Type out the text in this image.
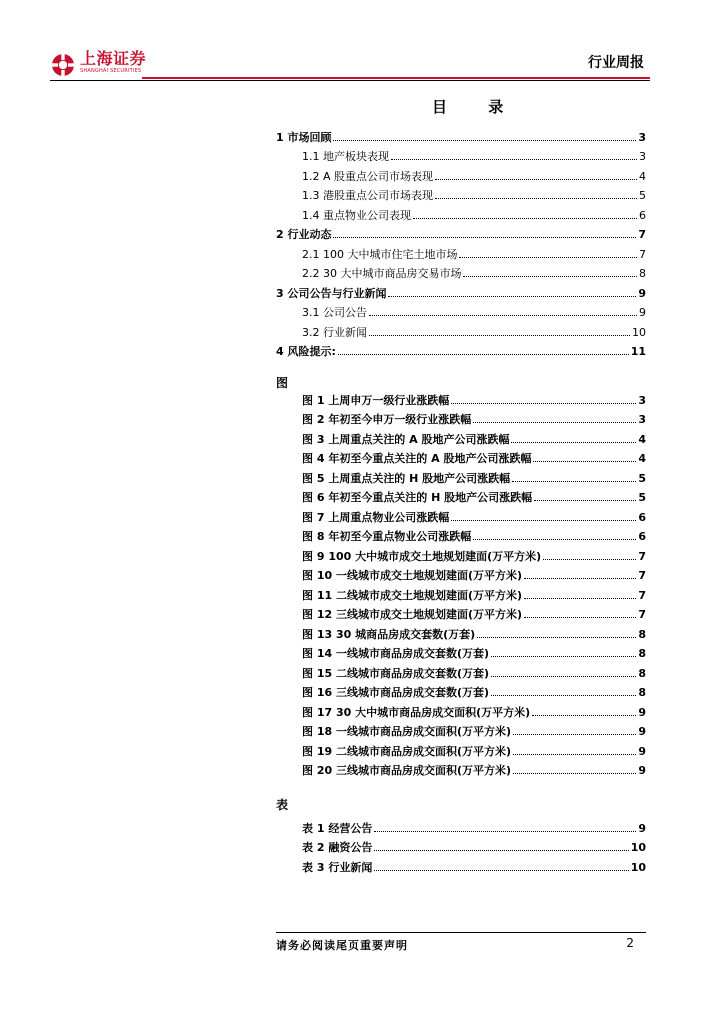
上海证券
SHANGHAI SECURITIES	行业周报
目 录
1 市场回顾	3
1.1 地产板块表现	3
1.2 A 股重点公司市场表现	4
1.3 港股重点公司市场表现	5
1.4 重点物业公司表现	6
2 行业动态	7
2.1 100 大中城市住宅土地市场	7
2.2 30 大中城市商品房交易市场	8
3 公司公告与行业新闻	9
3.1 公司公告	9
3.2 行业新闻	10
4 风险提示:	11
图
图 1 上周申万一级行业涨跌幅	3
图 2 年初至今申万一级行业涨跌幅	3
图 3 上周重点关注的 A 股地产公司涨跌幅	4
图 4 年初至今重点关注的 A 股地产公司涨跌幅	4
图 5 上周重点关注的 H 股地产公司涨跌幅	5
图 6 年初至今重点关注的 H 股地产公司涨跌幅	5
图 7 上周重点物业公司涨跌幅	6
图 8 年初至今重点物业公司涨跌幅	6
图 9 100 大中城市成交土地规划建面(万平方米)	7
图 10 一线城市成交土地规划建面(万平方米)	7
图 11 二线城市成交土地规划建面(万平方米)	7
图 12 三线城市成交土地规划建面(万平方米)	7
图 13 30 城商品房成交套数(万套)	8
图 14 一线城市商品房成交套数(万套)	8
图 15 二线城市商品房成交套数(万套)	8
图 16 三线城市商品房成交套数(万套)	8
图 17 30 大中城市商品房成交面积(万平方米)	9
图 18 一线城市商品房成交面积(万平方米)	9
图 19 二线城市商品房成交面积(万平方米)	9
图 20 三线城市商品房成交面积(万平方米)	9
表
表 1 经营公告	9
表 2 融资公告	10
表 3 行业新闻	10
请务必阅读尾页重要声明	2
